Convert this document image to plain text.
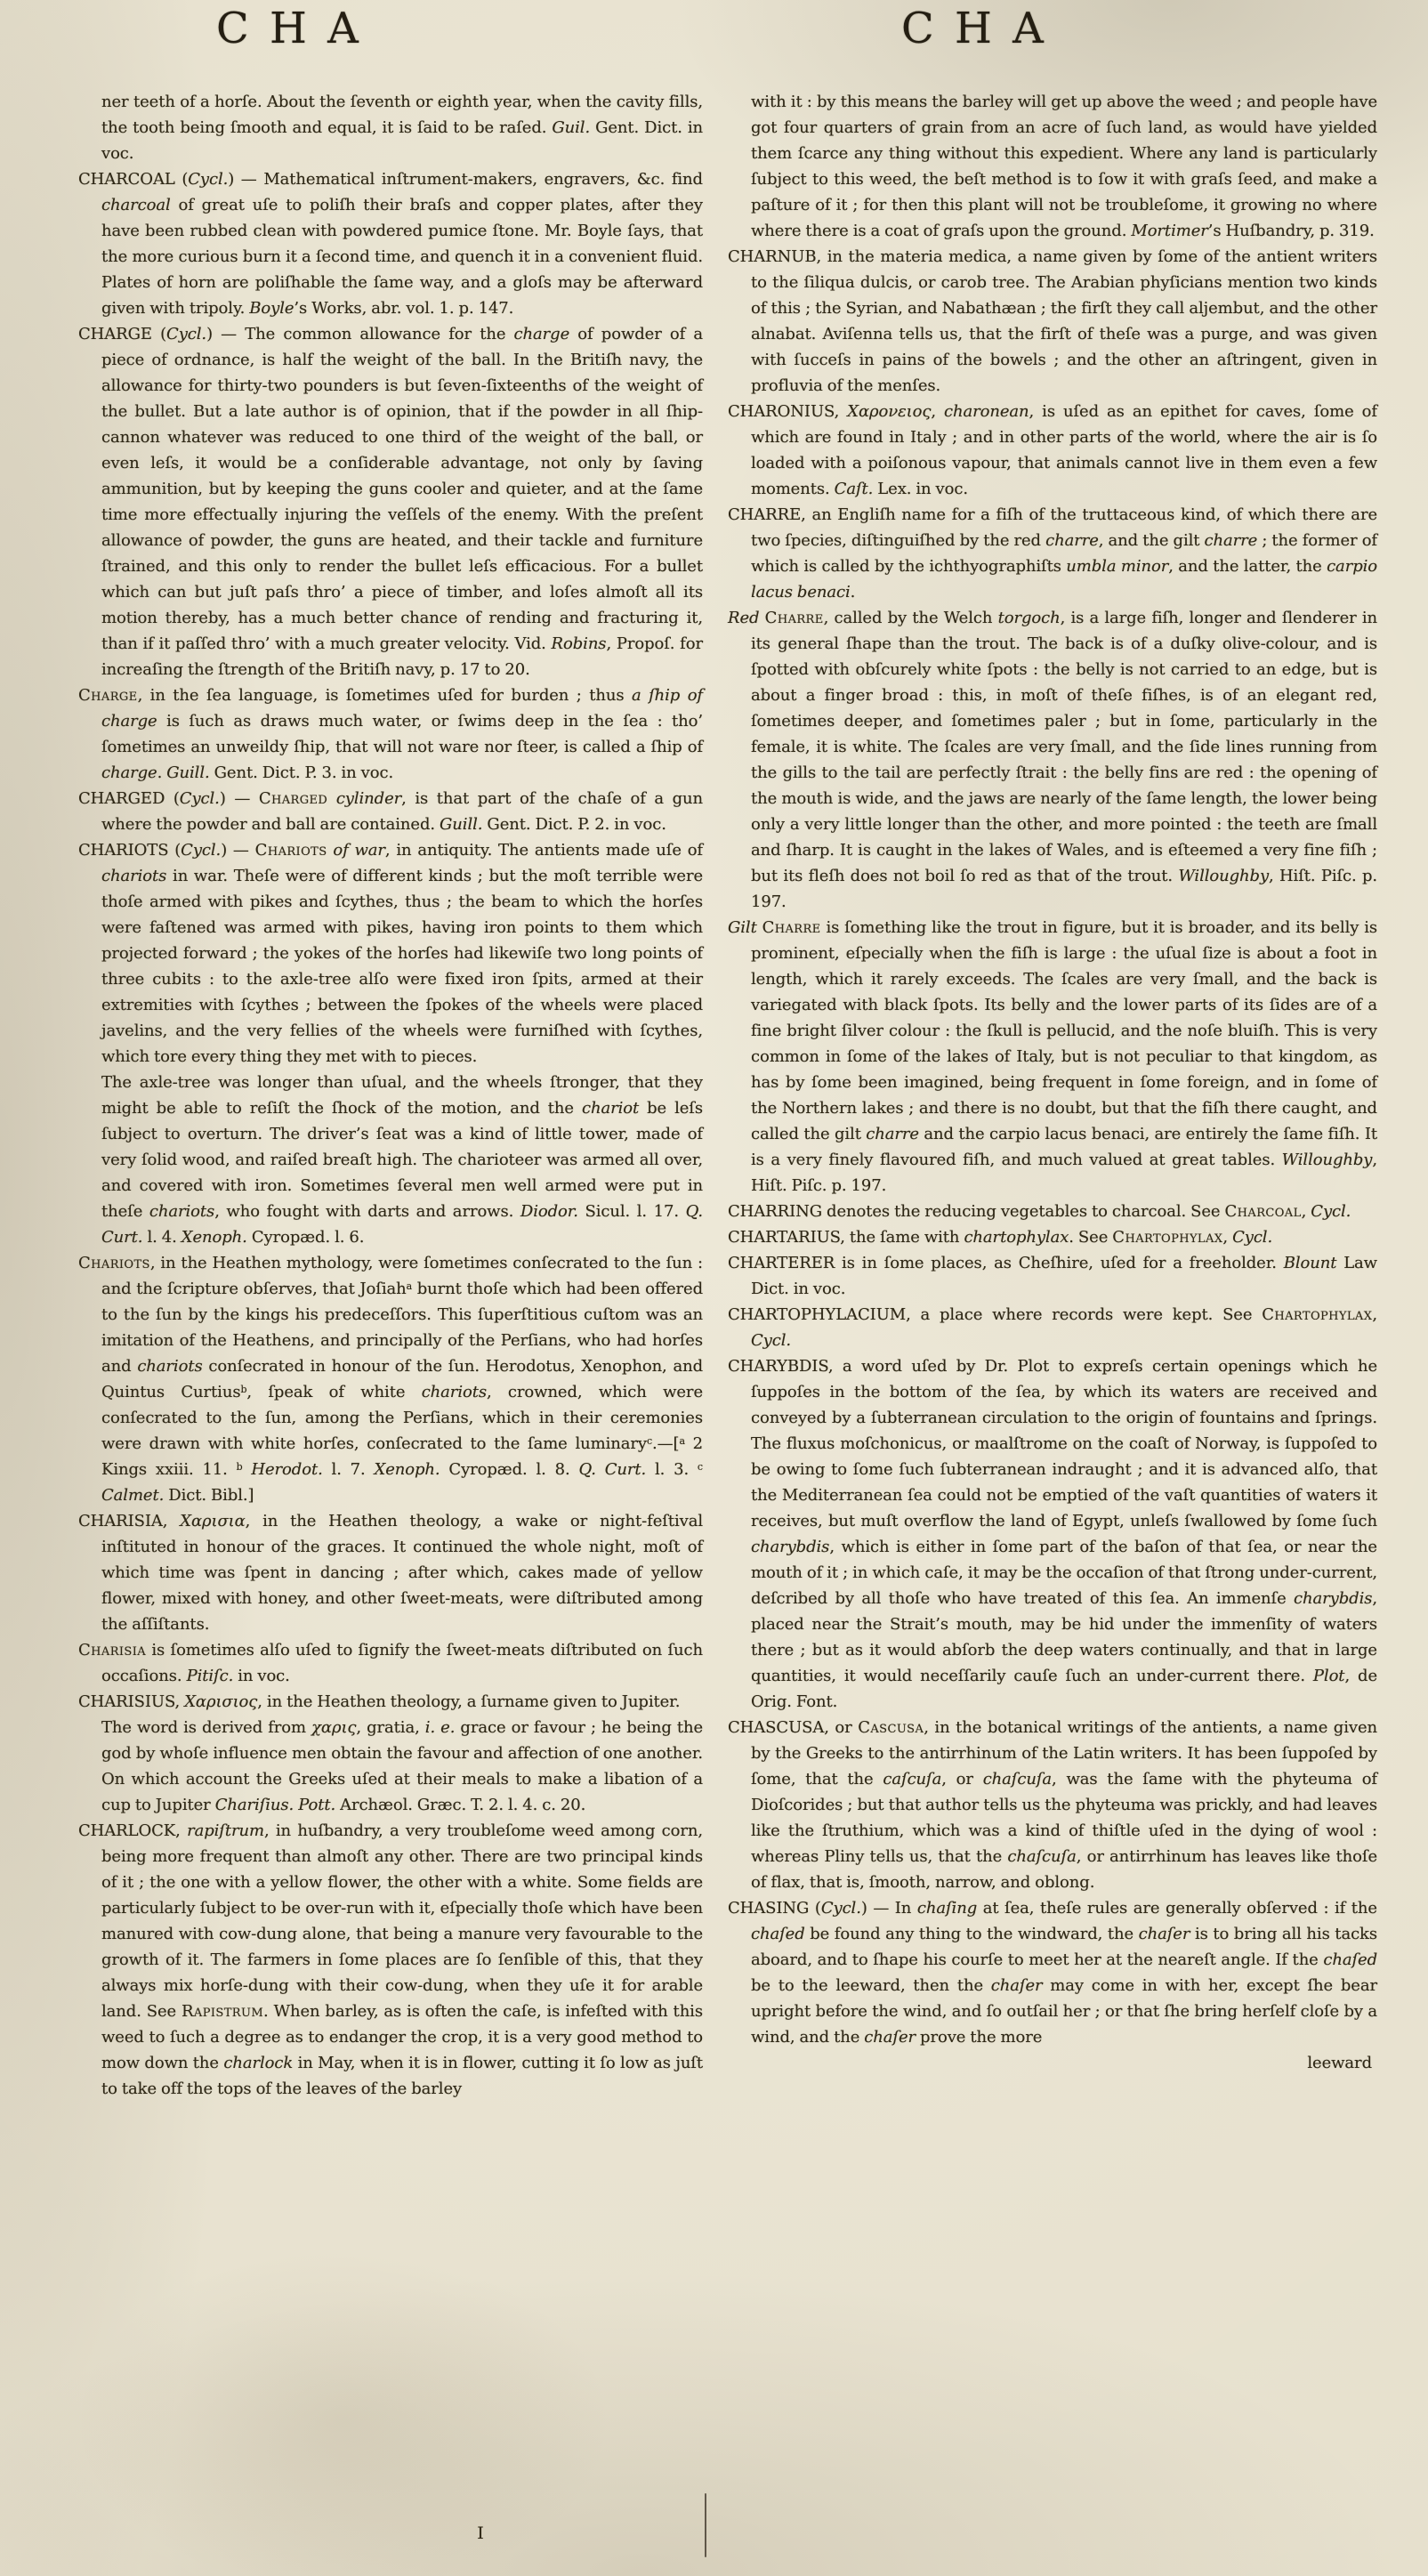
C H A	C H A
ner teeth of a horſe. About the ſeventh or eighth year, when the cavity fills, the tooth being ſmooth and equal, it is ſaid to be raſed. Guil. Gent. Dict. in voc.
CHARCOAL (Cycl.) — Mathematical inſtrument-makers, engravers, &c. find charcoal of great uſe to poliſh their braſs and copper plates, after they have been rubbed clean with powdered pumice ſtone. Mr. Boyle ſays, that the more curious burn it a ſecond time, and quench it in a convenient fluid. Plates of horn are poliſhable the ſame way, and a gloſs may be afterward given with tripoly. Boyle’s Works, abr. vol. 1. p. 147.
CHARGE (Cycl.) — The common allowance for the charge of powder of a piece of ordnance, is half the weight of the ball. In the Britiſh navy, the allowance for thirty-two pounders is but ſeven-ſixteenths of the weight of the bullet. But a late author is of opinion, that if the powder in all ſhip-cannon whatever was reduced to one third of the weight of the ball, or even leſs, it would be a conſiderable advantage, not only by ſaving ammunition, but by keeping the guns cooler and quieter, and at the ſame time more effectually injuring the veſſels of the enemy. With the preſent allowance of powder, the guns are heated, and their tackle and furniture ſtrained, and this only to render the bullet leſs efficacious. For a bullet which can but juſt paſs thro’ a piece of timber, and loſes almoſt all its motion thereby, has a much better chance of rending and fracturing it, than if it paſſed thro’ with a much greater velocity. Vid. Robins, Propoſ. for increaſing the ſtrength of the Britiſh navy, p. 17 to 20.
Charge, in the ſea language, is ſometimes uſed for burden ; thus a ſhip of charge is ſuch as draws much water, or ſwims deep in the ſea : tho’ ſometimes an unweildy ſhip, that will not ware nor ſteer, is called a ſhip of charge. Guill. Gent. Dict. P. 3. in voc.
CHARGED (Cycl.) — Charged cylinder, is that part of the chaſe of a gun where the powder and ball are contained. Guill. Gent. Dict. P. 2. in voc.
CHARIOTS (Cycl.) — Chariots of war, in antiquity. The antients made uſe of chariots in war. Theſe were of different kinds ; but the moſt terrible were thoſe armed with pikes and ſcythes, thus ; the beam to which the horſes were faſtened was armed with pikes, having iron points to them which projected forward ; the yokes of the horſes had likewiſe two long points of three cubits : to the axle-tree alſo were fixed iron ſpits, armed at their extremities with ſcythes ; between the ſpokes of the wheels were placed javelins, and the very fellies of the wheels were furniſhed with ſcythes, which tore every thing they met with to pieces.
The axle-tree was longer than uſual, and the wheels ſtronger, that they might be able to reſiſt the ſhock of the motion, and the chariot be leſs ſubject to overturn. The driver’s ſeat was a kind of little tower, made of very ſolid wood, and raiſed breaſt high. The charioteer was armed all over, and covered with iron. Sometimes ſeveral men well armed were put in theſe chariots, who fought with darts and arrows. Diodor. Sicul. l. 17. Q. Curt. l. 4. Xenoph. Cyropæd. l. 6.
Chariots, in the Heathen mythology, were ſometimes conſecrated to the ſun : and the ſcripture obſerves, that Joſiah$^a$ burnt thoſe which had been offered to the ſun by the kings his predeceſſors. This ſuperſtitious cuſtom was an imitation of the Heathens, and principally of the Perſians, who had horſes and chariots conſecrated in honour of the ſun. Herodotus, Xenophon, and Quintus Curtius$^b$, ſpeak of white chariots, crowned, which were conſecrated to the ſun, among the Perſians, which in their ceremonies were drawn with white horſes, conſecrated to the ſame luminary$^c$.—[$^a$ 2 Kings xxiii. 11. $^b$ Herodot. l. 7. Xenoph. Cyropæd. l. 8. Q. Curt. l. 3. $^c$ Calmet. Dict. Bibl.]
CHARISIA, Χαρισια, in the Heathen theology, a wake or night-feſtival inſtituted in honour of the graces. It continued the whole night, moſt of which time was ſpent in dancing ; after which, cakes made of yellow flower, mixed with honey, and other ſweet-meats, were diſtributed among the aſſiſtants.
Charisia is ſometimes alſo uſed to ſignify the ſweet-meats diſtributed on ſuch occaſions. Pitiſc. in voc.
CHARISIUS, Χαρισιος, in the Heathen theology, a ſurname given to Jupiter.
The word is derived from χαρις, gratia, i. e. grace or favour ; he being the god by whoſe influence men obtain the favour and affection of one another. On which account the Greeks uſed at their meals to make a libation of a cup to Jupiter Chariſius. Pott. Archæol. Græc. T. 2. l. 4. c. 20.
CHARLOCK, rapiſtrum, in huſbandry, a very troubleſome weed among corn, being more frequent than almoſt any other. There are two principal kinds of it ; the one with a yellow flower, the other with a white. Some fields are particularly ſubject to be over-run with it, eſpecially thoſe which have been manured with cow-dung alone, that being a manure very favourable to the growth of it. The farmers in ſome places are ſo ſenſible of this, that they always mix horſe-dung with their cow-dung, when they uſe it for arable land. See Rapistrum. When barley, as is often the caſe, is infeſted with this weed to ſuch a degree as to endanger the crop, it is a very good method to mow down the charlock in May, when it is in flower, cutting it ſo low as juſt to take off the tops of the leaves of the barley
with it : by this means the barley will get up above the weed ; and people have got four quarters of grain from an acre of ſuch land, as would have yielded them ſcarce any thing without this expedient. Where any land is particularly ſubject to this weed, the beſt method is to ſow it with graſs ſeed, and make a paſture of it ; for then this plant will not be troubleſome, it growing no where where there is a coat of graſs upon the ground. Mortimer’s Huſbandry, p. 319.
CHARNUB, in the materia medica, a name given by ſome of the antient writers to the ſiliqua dulcis, or carob tree. The Arabian phyſicians mention two kinds of this ; the Syrian, and Nabathæan ; the firſt they call aljembut, and the other alnabat. Aviſenna tells us, that the firſt of theſe was a purge, and was given with ſucceſs in pains of the bowels ; and the other an aſtringent, given in profluvia of the menſes.
CHARONIUS, Χαρονειος, charonean, is uſed as an epithet for caves, ſome of which are found in Italy ; and in other parts of the world, where the air is ſo loaded with a poiſonous vapour, that animals cannot live in them even a few moments. Caſt. Lex. in voc.
CHARRE, an Engliſh name for a fiſh of the truttaceous kind, of which there are two ſpecies, diſtinguiſhed by the red charre, and the gilt charre ; the former of which is called by the ichthyographiſts umbla minor, and the latter, the carpio lacus benaci.
Red Charre, called by the Welch torgoch, is a large fiſh, longer and ſlenderer in its general ſhape than the trout. The back is of a duſky olive-colour, and is ſpotted with obſcurely white ſpots : the belly is not carried to an edge, but is about a finger broad : this, in moſt of theſe fiſhes, is of an elegant red, ſometimes deeper, and ſometimes paler ; but in ſome, particularly in the female, it is white. The ſcales are very ſmall, and the ſide lines running from the gills to the tail are perfectly ſtrait : the belly fins are red : the opening of the mouth is wide, and the jaws are nearly of the ſame length, the lower being only a very little longer than the other, and more pointed : the teeth are ſmall and ſharp. It is caught in the lakes of Wales, and is eſteemed a very fine fiſh ; but its fleſh does not boil ſo red as that of the trout. Willoughby, Hiſt. Piſc. p. 197.
Gilt Charre is ſomething like the trout in figure, but it is broader, and its belly is prominent, eſpecially when the fiſh is large : the uſual ſize is about a foot in length, which it rarely exceeds. The ſcales are very ſmall, and the back is variegated with black ſpots. Its belly and the lower parts of its ſides are of a fine bright ſilver colour : the ſkull is pellucid, and the noſe bluiſh. This is very common in ſome of the lakes of Italy, but is not peculiar to that kingdom, as has by ſome been imagined, being frequent in ſome foreign, and in ſome of the Northern lakes ; and there is no doubt, but that the fiſh there caught, and called the gilt charre and the carpio lacus benaci, are entirely the ſame fiſh. It is a very finely flavoured fiſh, and much valued at great tables. Willoughby, Hiſt. Piſc. p. 197.
CHARRING denotes the reducing vegetables to charcoal. See Charcoal, Cycl.
CHARTARIUS, the ſame with chartophylax. See Chartophylax, Cycl.
CHARTERER is in ſome places, as Cheſhire, uſed for a freeholder. Blount Law Dict. in voc.
CHARTOPHYLACIUM, a place where records were kept. See Chartophylax, Cycl.
CHARYBDIS, a word uſed by Dr. Plot to expreſs certain openings which he ſuppoſes in the bottom of the ſea, by which its waters are received and conveyed by a ſubterranean circulation to the origin of fountains and ſprings. The fluxus moſchonicus, or maalſtrome on the coaſt of Norway, is ſuppoſed to be owing to ſome ſuch ſubterranean indraught ; and it is advanced alſo, that the Mediterranean ſea could not be emptied of the vaſt quantities of waters it receives, but muſt overflow the land of Egypt, unleſs ſwallowed by ſome ſuch charybdis, which is either in ſome part of the baſon of that ſea, or near the mouth of it ; in which caſe, it may be the occaſion of that ſtrong under-current, deſcribed by all thoſe who have treated of this ſea. An immenſe charybdis, placed near the Strait’s mouth, may be hid under the immenſity of waters there ; but as it would abſorb the deep waters continually, and that in large quantities, it would neceſſarily cauſe ſuch an under-current there. Plot, de Orig. Font.
CHASCUSA, or Cascusa, in the botanical writings of the antients, a name given by the Greeks to the antirrhinum of the Latin writers. It has been ſuppoſed by ſome, that the caſcuſa, or chaſcuſa, was the ſame with the phyteuma of Dioſcorides ; but that author tells us the phyteuma was prickly, and had leaves like the ſtruthium, which was a kind of thiſtle uſed in the dying of wool : whereas Pliny tells us, that the chaſcuſa, or antirrhinum has leaves like thoſe of flax, that is, ſmooth, narrow, and oblong.
CHASING (Cycl.) — In chaſing at ſea, theſe rules are generally obſerved : if the chaſed be found any thing to the windward, the chaſer is to bring all his tacks aboard, and to ſhape his courſe to meet her at the neareſt angle. If the chaſed be to the leeward, then the chaſer may come in with her, except ſhe bear upright before the wind, and ſo outſail her ; or that ſhe bring herſelf cloſe by a wind, and the chaſer prove the more
leeward
I
